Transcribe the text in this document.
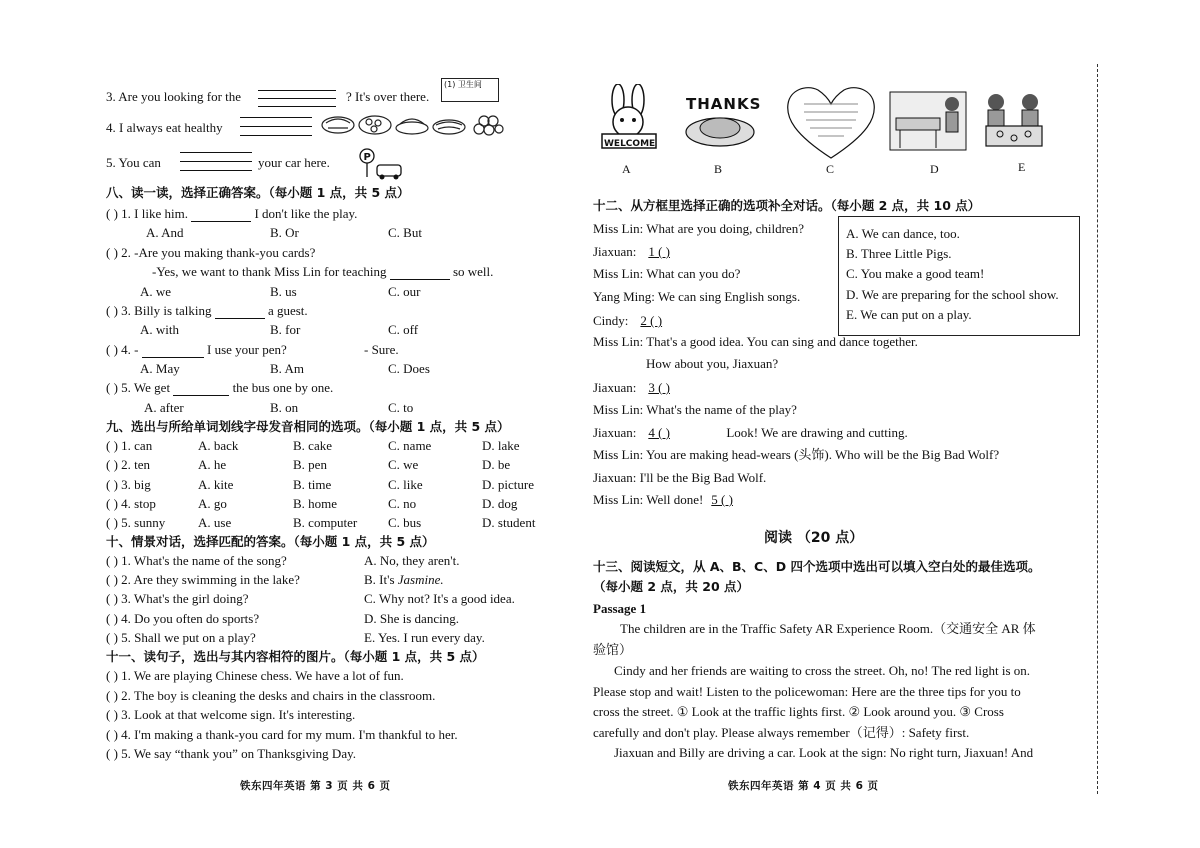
3. Are you looking for the	? It's over there.
(1) 卫生间
4. I always eat healthy
5. You can	your car here.	P
八、读一读，选择正确答案。（每小题 1 点，共 5 点）
( ) 1. I like him.	I don't like the play.
A. And	B. Or	C. But
( ) 2. -Are you making thank-you cards?
-Yes, we want to thank Miss Lin for teaching	so well.
A. we	B. us	C. our
( ) 3. Billy is talking	a guest.
A. with	B. for	C. off
( ) 4. -	I use your pen?	- Sure.
A. May	B. Am	C. Does
( ) 5. We get	the bus one by one.
A. after	B. on	C. to
九、选出与所给单词划线字母发音相同的选项。（每小题 1 点，共 5 点）
( ) 1. can	A. back	B. cake	C. name	D. lake
( ) 2. ten	A. he	B. pen	C. we	D. be
( ) 3. big	A. kite	B. time	C. like	D. picture
( ) 4. stop	A. go	B. home	C. no	D. dog
( ) 5. sunny	A. use	B. computer C. bus	D. student
十、情景对话，选择匹配的答案。（每小题 1 点，共 5 点）
( ) 1. What's the name of the song?	A. No, they aren't.
( ) 2. Are they swimming in the lake?	B. It's Jasmine.
( ) 3. What's the girl doing?	C. Why not? It's a good idea.
( ) 4. Do you often do sports?	D. She is dancing.
( ) 5. Shall we put on a play?	E. Yes. I run every day.
十一、读句子，选出与其内容相符的图片。（每小题 1 点，共 5 点）
( ) 1. We are playing Chinese chess. We have a lot of fun.
( ) 2. The boy is cleaning the desks and chairs in the classroom.
( ) 3. Look at that welcome sign. It's interesting.
( ) 4. I'm making a thank-you card for my mum. I'm thankful to her.
( ) 5. We say “thank you” on Thanksgiving Day.
铁东四年英语 第 3 页 共 6 页
WELCOME
THANKS
A	B	C	D	E
十二、从方框里选择正确的选项补全对话。（每小题 2 点，共 10 点）
Miss Lin: What are you doing, children?
Jiaxuan: 1 ( )
Miss Lin: What can you do?
Yang Ming: We can sing English songs.
Cindy: 2 ( )
Miss Lin: That's a good idea. You can sing and dance together.
How about you, Jiaxuan?
Jiaxuan: 3 ( )
Miss Lin: What's the name of the play?
Jiaxuan: 4 ( )	Look! We are drawing and cutting.
Miss Lin: You are making head-wears (头饰). Who will be the Big Bad Wolf?
Jiaxuan: I'll be the Big Bad Wolf.
Miss Lin: Well done! 5 ( )
A. We can dance, too.
B. Three Little Pigs.
C. You make a good team!
D. We are preparing for the school show.
E. We can put on a play.
阅读 （20 点）
十三、阅读短文，从 A、B、C、D 四个选项中选出可以填入空白处的最佳选项。
（每小题 2 点，共 20 点）
Passage 1
The children are in the Traffic Safety AR Experience Room.（交通安全 AR 体
验馆）
Cindy and her friends are waiting to cross the street. Oh, no! The red light is on.
Please stop and wait! Listen to the policewoman: Here are the three tips for you to
cross the street. ① Look at the traffic lights first. ② Look around you. ③ Cross
carefully and don't play. Please always remember（记得）: Safety first.
Jiaxuan and Billy are driving a car. Look at the sign: No right turn, Jiaxuan! And
铁东四年英语 第 4 页 共 6 页
